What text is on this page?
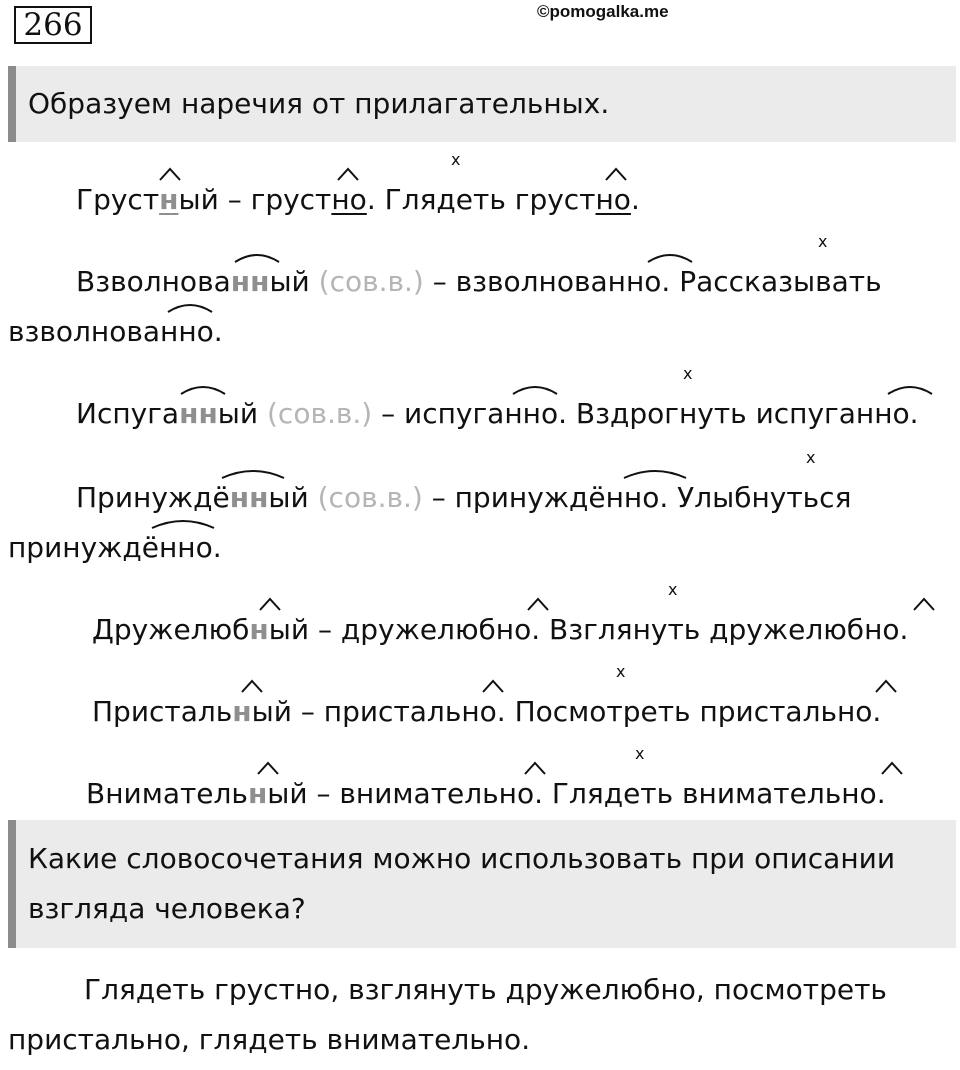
266	©pomogalka.me
Образуем наречия от прилагательных.
Грустный – грустно. Глядеть грустно.
Взволнованный (сов.в.) – взволнованно. Рассказывать
взволнованно.
Испуганный (сов.в.) – испуганно. Вздрогнуть испуганно.
Принуждённый (сов.в.) – принуждённо. Улыбнуться
принуждённо.
Дружелюбный – дружелюбно. Взглянуть дружелюбно.
Пристальный – пристально. Посмотреть пристально.
Внимательный – внимательно. Глядеть внимательно.
x
x
x
x
x
x
x
Какие словосочетания можно использовать при описании
взгляда человека?
Глядеть грустно, взглянуть дружелюбно, посмотреть
пристально, глядеть внимательно.
